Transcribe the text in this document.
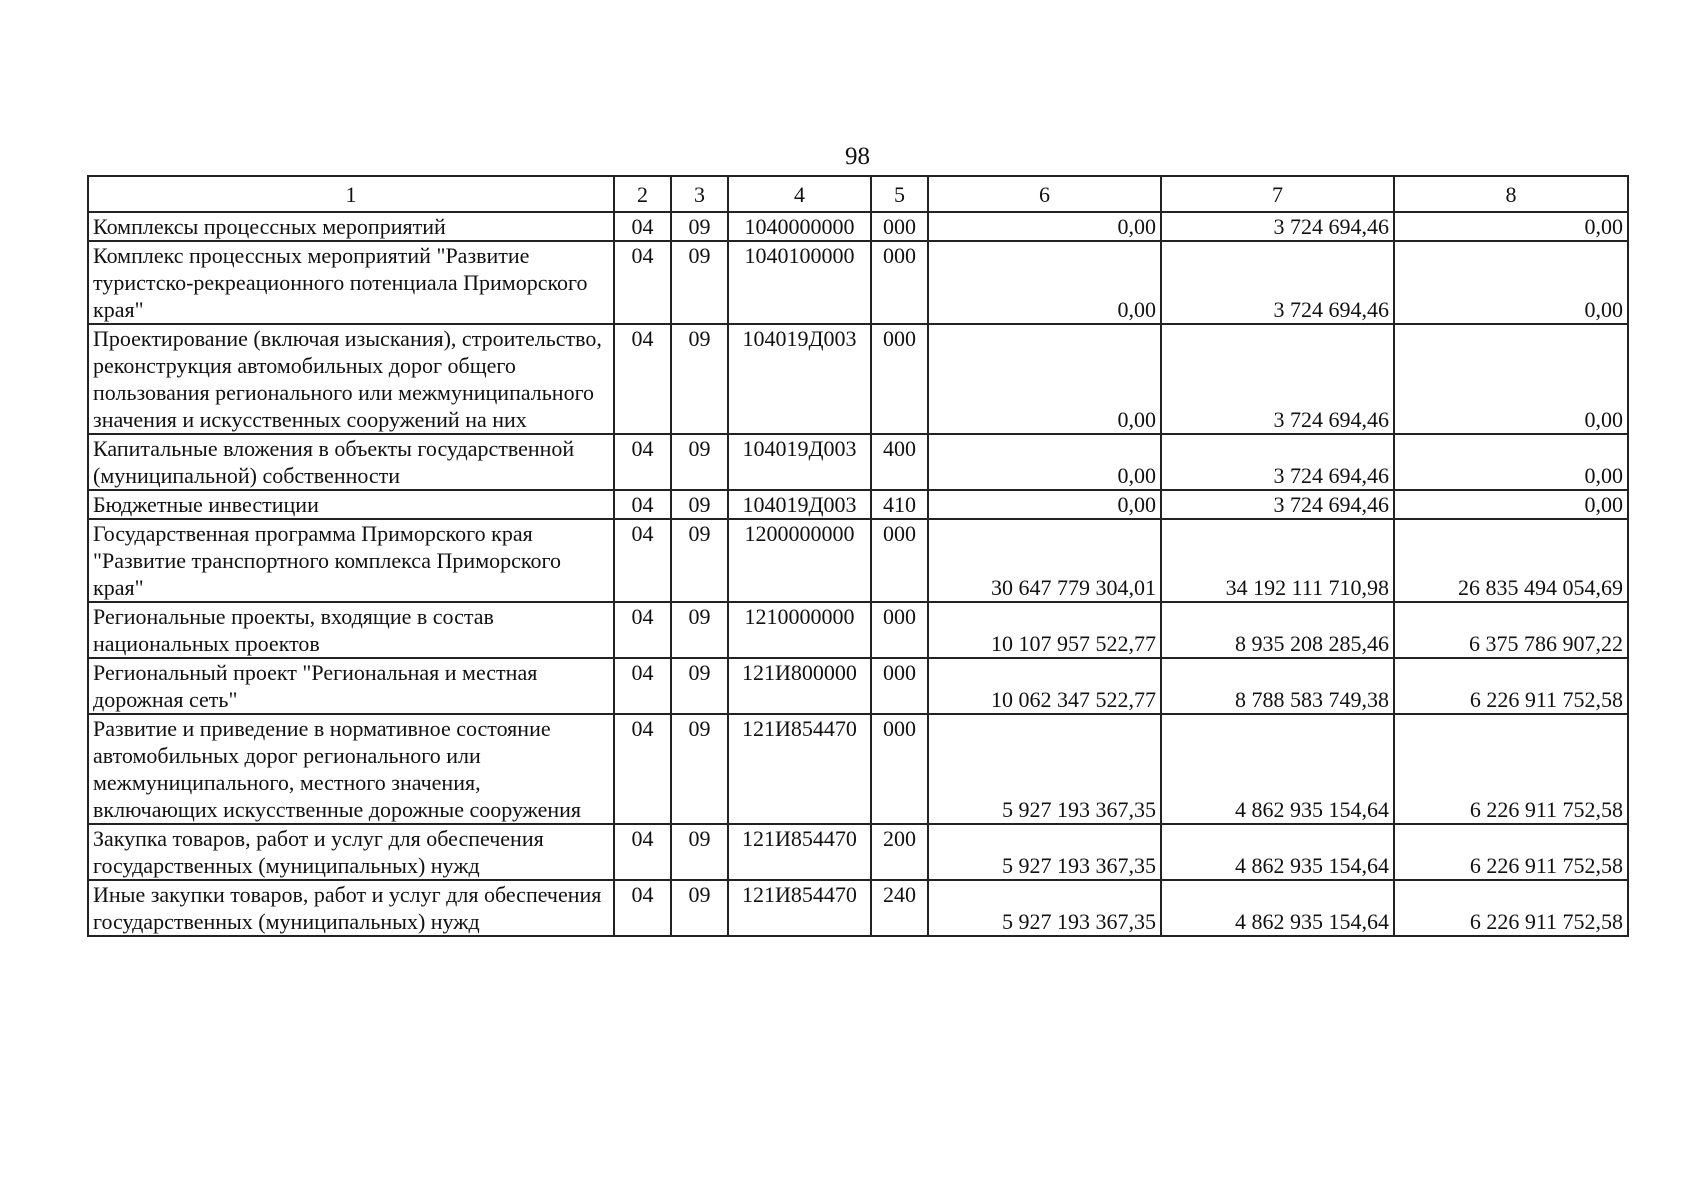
98
1	2	3	4	5	6	7	8
Комплексы процессных мероприятий	04	09	1040000000	000	0,00	3 724 694,46	0,00
Комплекс процессных мероприятий "Развитие туристско-рекреационного потенциала Приморского края"	04	09	1040100000	000	0,00	3 724 694,46	0,00
Проектирование (включая изыскания), строительство, реконструкция автомобильных дорог общего пользования регионального или межмуниципального значения и искусственных сооружений на них	04	09	104019Д003	000	0,00	3 724 694,46	0,00
Капитальные вложения в объекты государственной (муниципальной) собственности	04	09	104019Д003	400	0,00	3 724 694,46	0,00
Бюджетные инвестиции	04	09	104019Д003	410	0,00	3 724 694,46	0,00
Государственная программа Приморского края "Развитие транспортного комплекса Приморского края"	04	09	1200000000	000	30 647 779 304,01	34 192 111 710,98	26 835 494 054,69
Региональные проекты, входящие в состав национальных проектов	04	09	1210000000	000	10 107 957 522,77	8 935 208 285,46	6 375 786 907,22
Региональный проект "Региональная и местная дорожная сеть"	04	09	121И800000	000	10 062 347 522,77	8 788 583 749,38	6 226 911 752,58
Развитие и приведение в нормативное состояние автомобильных дорог регионального или межмуниципального, местного значения, включающих искусственные дорожные сооружения	04	09	121И854470	000	5 927 193 367,35	4 862 935 154,64	6 226 911 752,58
Закупка товаров, работ и услуг для обеспечения государственных (муниципальных) нужд	04	09	121И854470	200	5 927 193 367,35	4 862 935 154,64	6 226 911 752,58
Иные закупки товаров, работ и услуг для обеспечения государственных (муниципальных) нужд	04	09	121И854470	240	5 927 193 367,35	4 862 935 154,64	6 226 911 752,58
